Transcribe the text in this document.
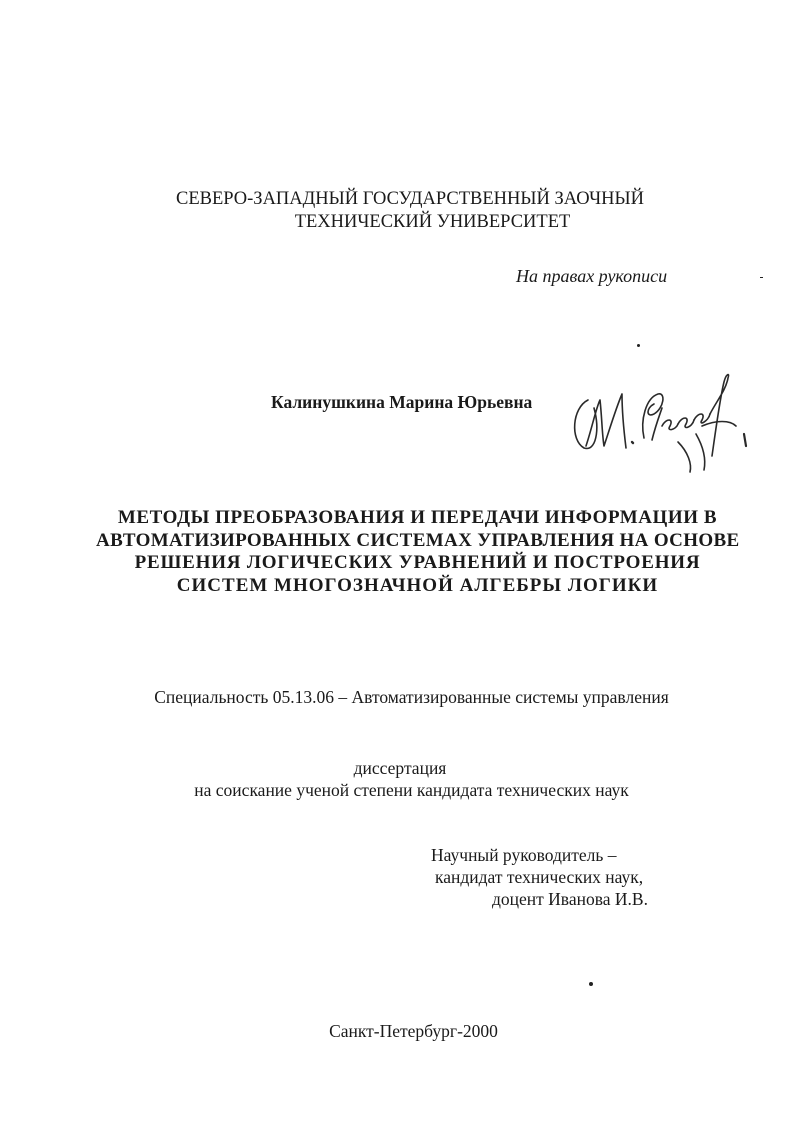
СЕВЕРО-ЗАПАДНЫЙ ГОСУДАРСТВЕННЫЙ ЗАОЧНЫЙ
ТЕХНИЧЕСКИЙ УНИВЕРСИТЕТ
На правах рукописи
Калинушкина Марина Юрьевна
МЕТОДЫ ПРЕОБРАЗОВАНИЯ И ПЕРЕДАЧИ ИНФОРМАЦИИ В
АВТОМАТИЗИРОВАННЫХ СИСТЕМАХ УПРАВЛЕНИЯ НА ОСНОВЕ
РЕШЕНИЯ ЛОГИЧЕСКИХ УРАВНЕНИЙ И ПОСТРОЕНИЯ
СИСТЕМ МНОГОЗНАЧНОЙ АЛГЕБРЫ ЛОГИКИ
Специальность 05.13.06 – Автоматизированные системы управления
диссертация
на соискание ученой степени кандидата технических наук
Научный руководитель –
кандидат технических наук,
доцент Иванова И.В.
Санкт-Петербург-2000
